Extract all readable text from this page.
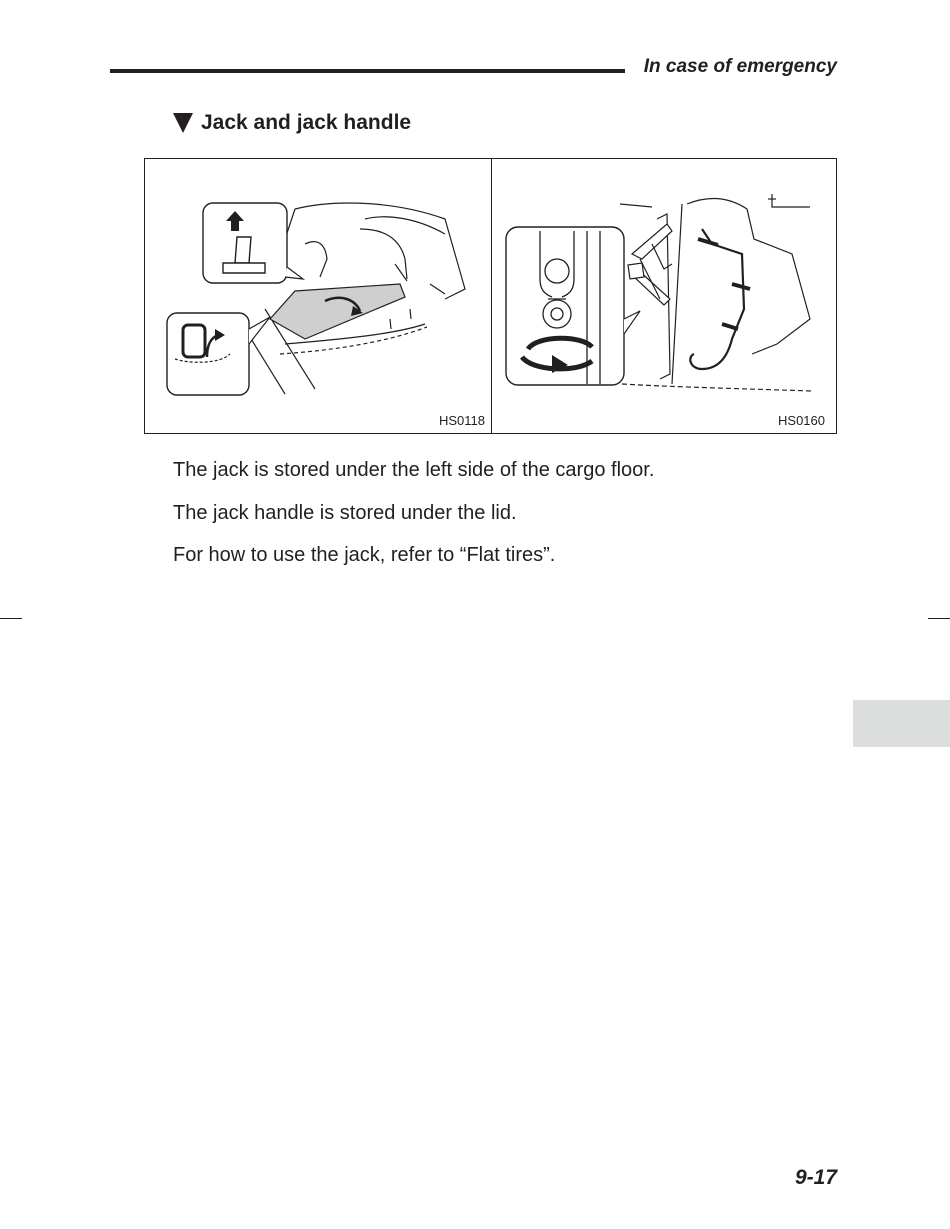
In case of emergency
Jack and jack handle
HS0118	HS0160
The jack is stored under the left side of the cargo floor.
The jack handle is stored under the lid.
For how to use the jack, refer to “Flat tires”.
9-17
